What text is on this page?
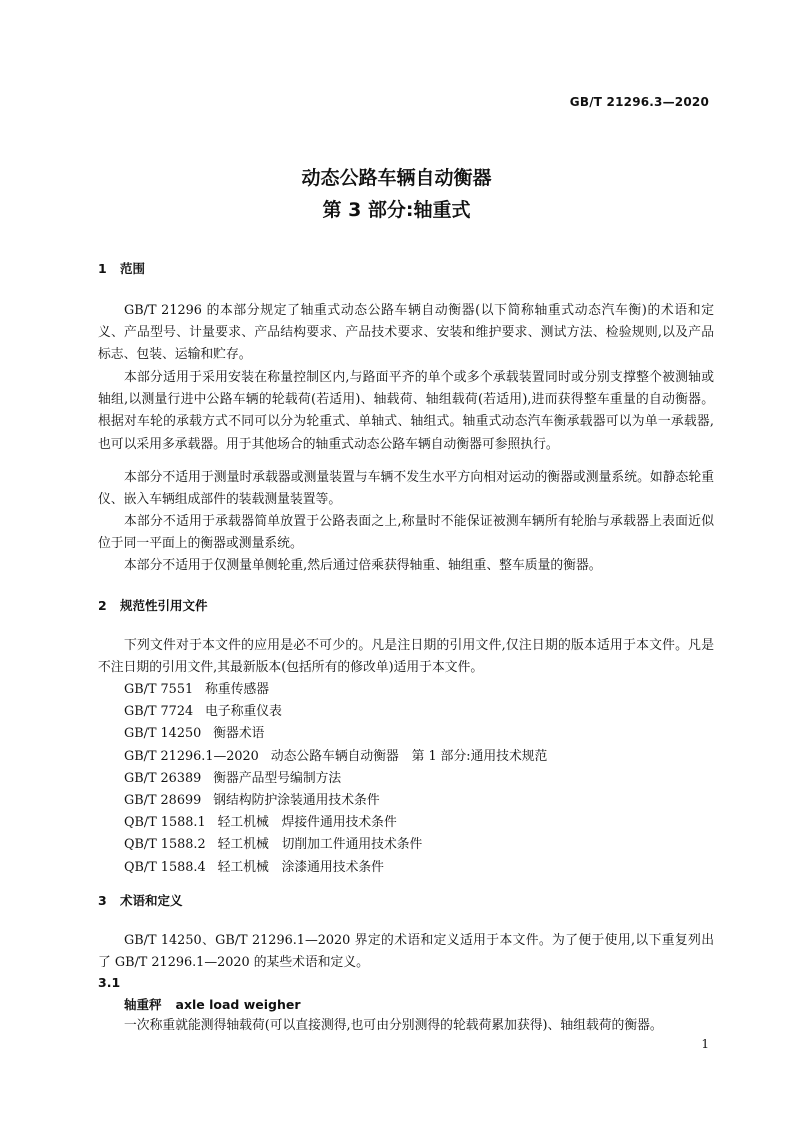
GB/T 21296.3—2020
动态公路车辆自动衡器
第 3 部分:轴重式
1 范围

GB/T 21296 的本部分规定了轴重式动态公路车辆自动衡器(以下简称轴重式动态汽车衡)的术语和定义、产品型号、计量要求、产品结构要求、产品技术要求、安装和维护要求、测试方法、检验规则,以及产品标志、包装、运输和贮存。

本部分适用于采用安装在称量控制区内,与路面平齐的单个或多个承载装置同时或分别支撑整个被测轴或轴组,以测量行进中公路车辆的轮载荷(若适用)、轴载荷、轴组载荷(若适用),进而获得整车重量的自动衡器。根据对车轮的承载方式不同可以分为轮重式、单轴式、轴组式。轴重式动态汽车衡承载器可以为单一承载器,也可以采用多承载器。用于其他场合的轴重式动态公路车辆自动衡器可参照执行。

本部分不适用于测量时承载器或测量装置与车辆不发生水平方向相对运动的衡器或测量系统。如静态轮重仪、嵌入车辆组成部件的装载测量装置等。

本部分不适用于承载器简单放置于公路表面之上,称量时不能保证被测车辆所有轮胎与承载器上表面近似位于同一平面上的衡器或测量系统。

本部分不适用于仅测量单侧轮重,然后通过倍乘获得轴重、轴组重、整车质量的衡器。

2 规范性引用文件

下列文件对于本文件的应用是必不可少的。凡是注日期的引用文件,仅注日期的版本适用于本文件。凡是不注日期的引用文件,其最新版本(包括所有的修改单)适用于本文件。

GB/T 7551 称重传感器
GB/T 7724 电子称重仪表
GB/T 14250 衡器术语
GB/T 21296.1—2020 动态公路车辆自动衡器　第 1 部分:通用技术规范
GB/T 26389 衡器产品型号编制方法
GB/T 28699 钢结构防护涂装通用技术条件
QB/T 1588.1 轻工机械　焊接件通用技术条件
QB/T 1588.2 轻工机械　切削加工件通用技术条件
QB/T 1588.4 轻工机械　涂漆通用技术条件
3 术语和定义

GB/T 14250、GB/T 21296.1—2020 界定的术语和定义适用于本文件。为了便于使用,以下重复列出了 GB/T 21296.1—2020 的某些术语和定义。

3.1
轴重秤 axle load weigher
一次称重就能测得轴载荷(可以直接测得,也可由分别测得的轮载荷累加获得)、轴组载荷的衡器。
1
